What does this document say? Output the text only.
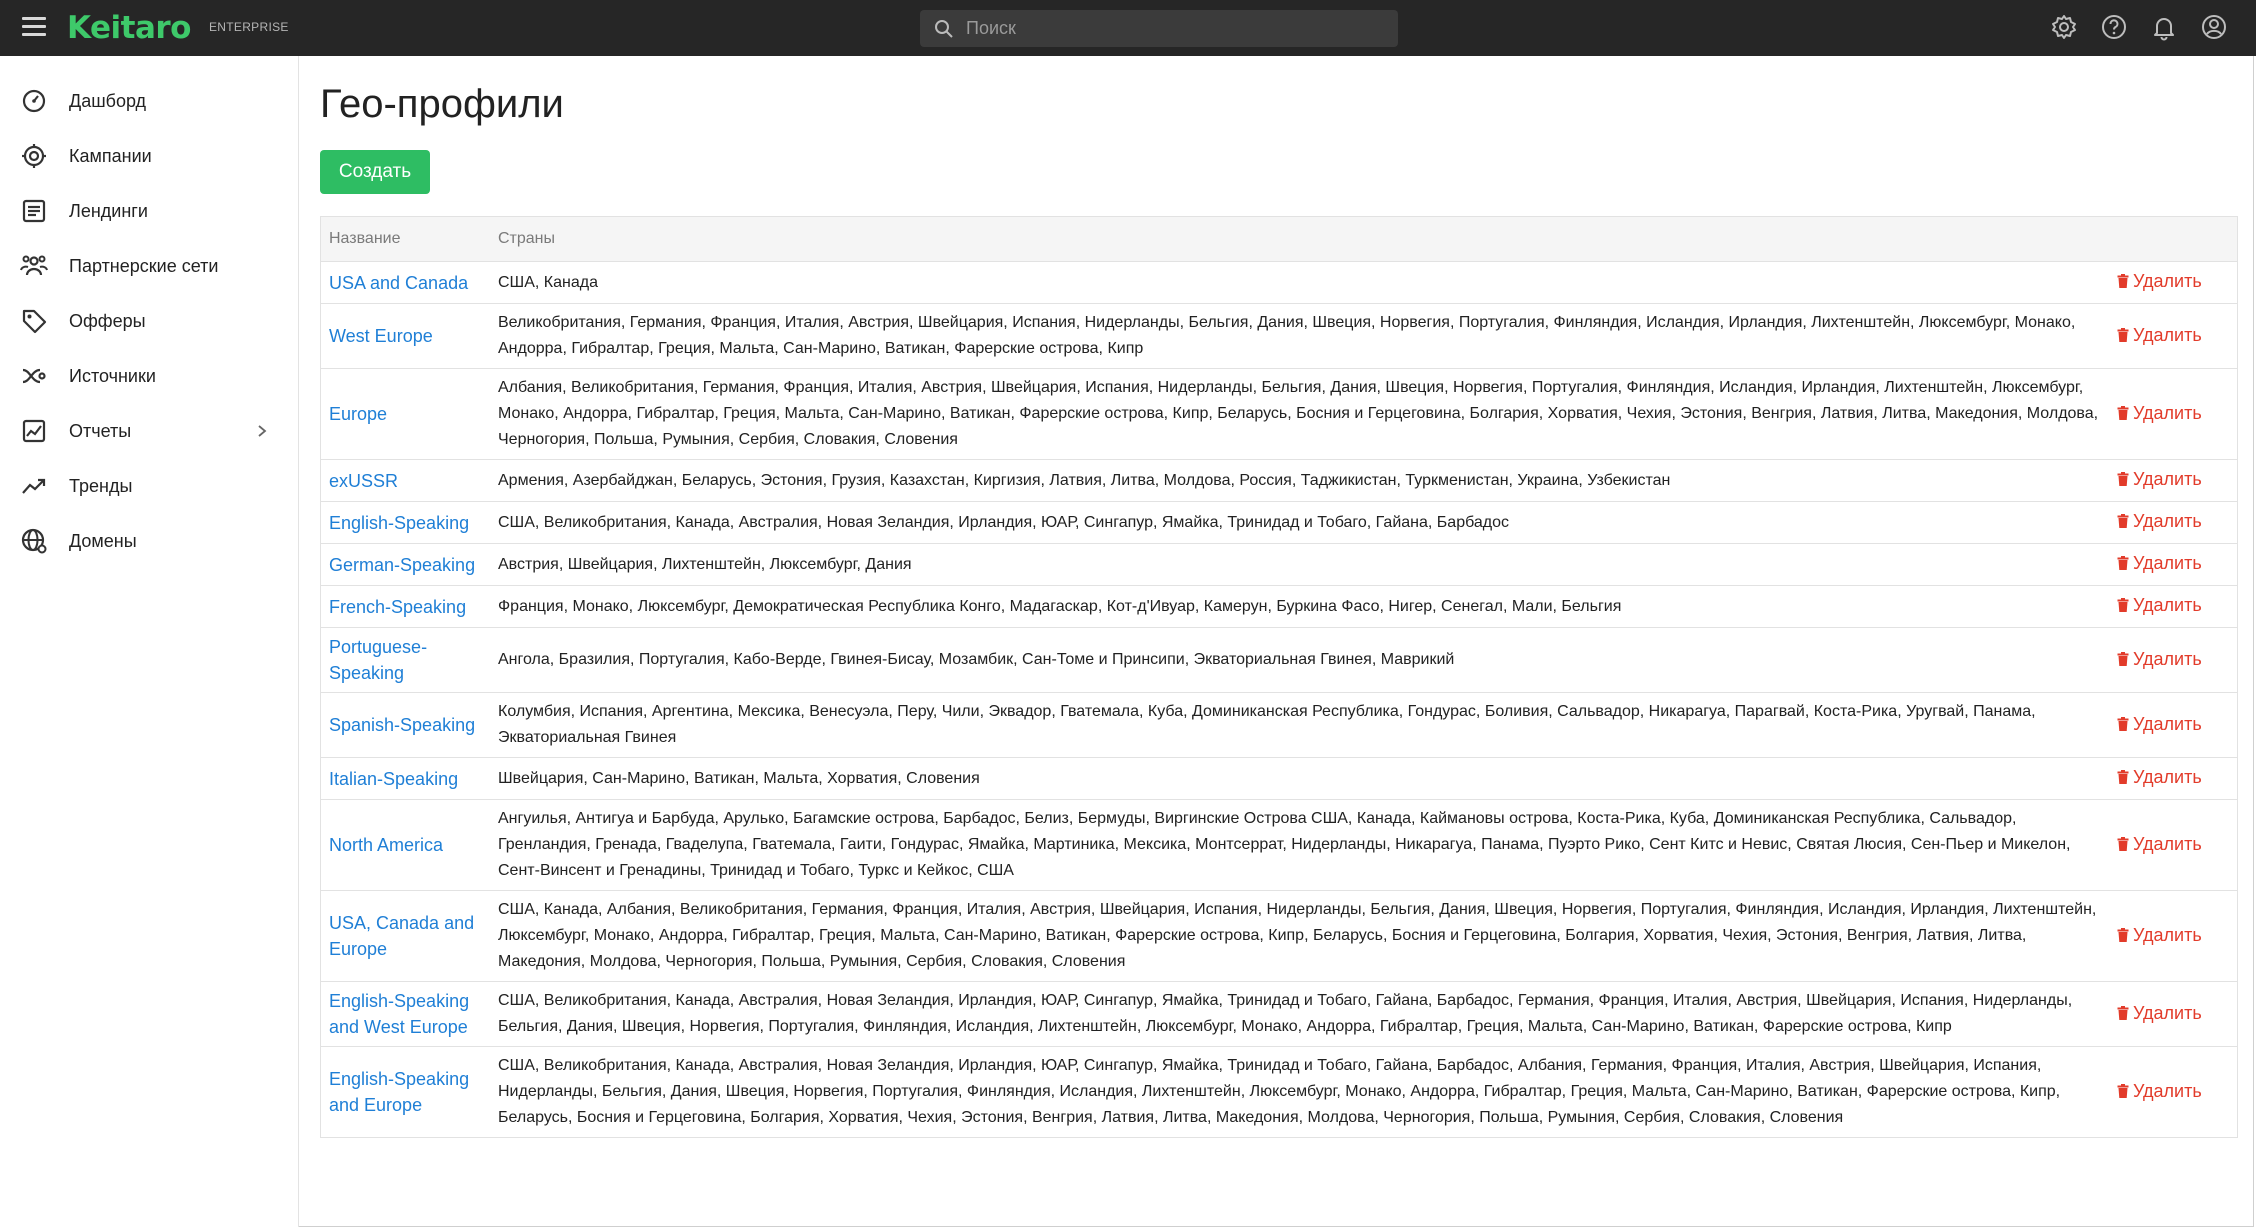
Keitaro ENTERPRISE
Поиск
Дашборд
Кампании
Лендинги
Партнерские сети
Офферы
Источники
Отчеты
Тренды
Домены
Гео-профили
Создать
Название	Страны	
USA and Canada	США, Канада	Удалить

West Europe	Великобритания, Германия, Франция, Италия, Австрия, Швейцария, Испания, Нидерланды, Бельгия, Дания, Швеция, Норвегия, Португалия, Финляндия, Исландия, Ирландия, Лихтенштейн, Люксембург, Монако, Андорра, Гибралтар, Греция, Мальта, Сан-Марино, Ватикан, Фарерские острова, Кипр	Удалить

Europe	Албания, Великобритания, Германия, Франция, Италия, Австрия, Швейцария, Испания, Нидерланды, Бельгия, Дания, Швеция, Норвегия, Португалия, Финляндия, Исландия, Ирландия, Лихтенштейн, Люксембург, Монако, Андорра, Гибралтар, Греция, Мальта, Сан-Марино, Ватикан, Фарерские острова, Кипр, Беларусь, Босния и Герцеговина, Болгария, Хорватия, Чехия, Эстония, Венгрия, Латвия, Литва, Македония, Молдова, Черногория, Польша, Румыния, Сербия, Словакия, Словения	Удалить

exUSSR	Армения, Азербайджан, Беларусь, Эстония, Грузия, Казахстан, Киргизия, Латвия, Литва, Молдова, Россия, Таджикистан, Туркменистан, Украина, Узбекистан	Удалить

English-Speaking	США, Великобритания, Канада, Австралия, Новая Зеландия, Ирландия, ЮАР, Сингапур, Ямайка, Тринидад и Тобаго, Гайана, Барбадос	Удалить

German-Speaking	Австрия, Швейцария, Лихтенштейн, Люксембург, Дания	Удалить

French-Speaking	Франция, Монако, Люксембург, Демократическая Республика Конго, Мадагаскар, Кот-д'Ивуар, Камерун, Буркина Фасо, Нигер, Сенегал, Мали, Бельгия	Удалить

Portuguese-Speaking	Ангола, Бразилия, Португалия, Кабо-Верде, Гвинея-Бисау, Мозамбик, Сан-Томе и Принсипи, Экваториальная Гвинея, Маврикий	Удалить

Spanish-Speaking	Колумбия, Испания, Аргентина, Мексика, Венесуэла, Перу, Чили, Эквадор, Гватемала, Куба, Доминиканская Республика, Гондурас, Боливия, Сальвадор, Никарагуа, Парагвай, Коста-Рика, Уругвай, Панама, Экваториальная Гвинея	Удалить

Italian-Speaking	Швейцария, Сан-Марино, Ватикан, Мальта, Хорватия, Словения	Удалить

North America	Ангуилья, Антигуа и Барбуда, Арулько, Багамские острова, Барбадос, Белиз, Бермуды, Виргинские Острова США, Канада, Каймановы острова, Коста-Рика, Куба, Доминиканская Республика, Сальвадор, Гренландия, Гренада, Гваделупа, Гватемала, Гаити, Гондурас, Ямайка, Мартиника, Мексика, Монтсеррат, Нидерланды, Никарагуа, Панама, Пуэрто Рико, Сент Китс и Невис, Святая Люсия, Сен-Пьер и Микелон, Сент-Винсент и Гренадины, Тринидад и Тобаго, Туркс и Кейкос, США	Удалить

USA, Canada and Europe	США, Канада, Албания, Великобритания, Германия, Франция, Италия, Австрия, Швейцария, Испания, Нидерланды, Бельгия, Дания, Швеция, Норвегия, Португалия, Финляндия, Исландия, Ирландия, Лихтенштейн, Люксембург, Монако, Андорра, Гибралтар, Греция, Мальта, Сан-Марино, Ватикан, Фарерские острова, Кипр, Беларусь, Босния и Герцеговина, Болгария, Хорватия, Чехия, Эстония, Венгрия, Латвия, Литва, Македония, Молдова, Черногория, Польша, Румыния, Сербия, Словакия, Словения	Удалить

English-Speaking and West Europe	США, Великобритания, Канада, Австралия, Новая Зеландия, Ирландия, ЮАР, Сингапур, Ямайка, Тринидад и Тобаго, Гайана, Барбадос, Германия, Франция, Италия, Австрия, Швейцария, Испания, Нидерланды, Бельгия, Дания, Швеция, Норвегия, Португалия, Финляндия, Исландия, Лихтенштейн, Люксембург, Монако, Андорра, Гибралтар, Греция, Мальта, Сан-Марино, Ватикан, Фарерские острова, Кипр	Удалить

English-Speaking and Europe	США, Великобритания, Канада, Австралия, Новая Зеландия, Ирландия, ЮАР, Сингапур, Ямайка, Тринидад и Тобаго, Гайана, Барбадос, Албания, Германия, Франция, Италия, Австрия, Швейцария, Испания, Нидерланды, Бельгия, Дания, Швеция, Норвегия, Португалия, Финляндия, Исландия, Лихтенштейн, Люксембург, Монако, Андорра, Гибралтар, Греция, Мальта, Сан-Марино, Ватикан, Фарерские острова, Кипр, Беларусь, Босния и Герцеговина, Болгария, Хорватия, Чехия, Эстония, Венгрия, Латвия, Литва, Македония, Молдова, Черногория, Польша, Румыния, Сербия, Словакия, Словения	Удалить
